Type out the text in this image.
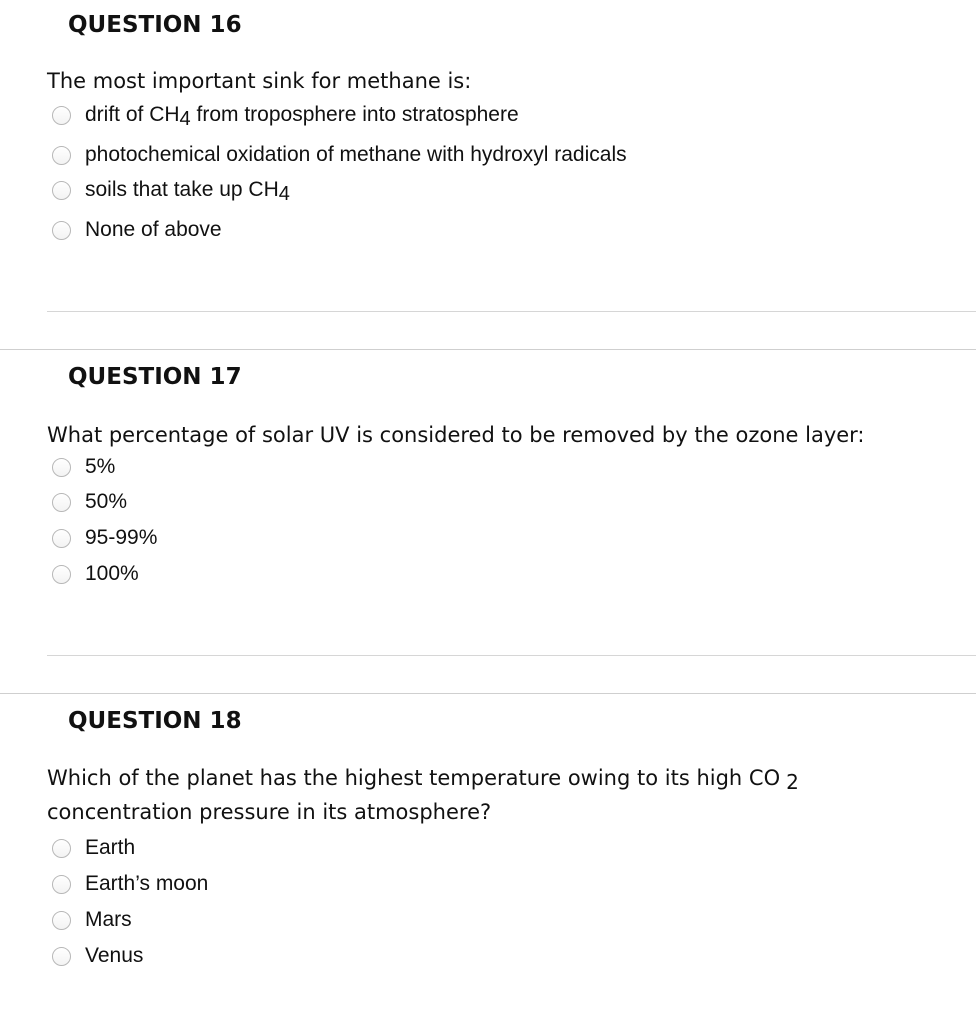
QUESTION 16
The most important sink for methane is:
drift of CH4 from troposphere into stratosphere
photochemical oxidation of methane with hydroxyl radicals
soils that take up CH4
None of above
QUESTION 17
What percentage of solar UV is considered to be removed by the ozone layer:
5%
50%
95-99%
100%
QUESTION 18
Which of the planet has the highest temperature owing to its high CO 2
concentration pressure in its atmosphere?
Earth
Earth’s moon
Mars
Venus
